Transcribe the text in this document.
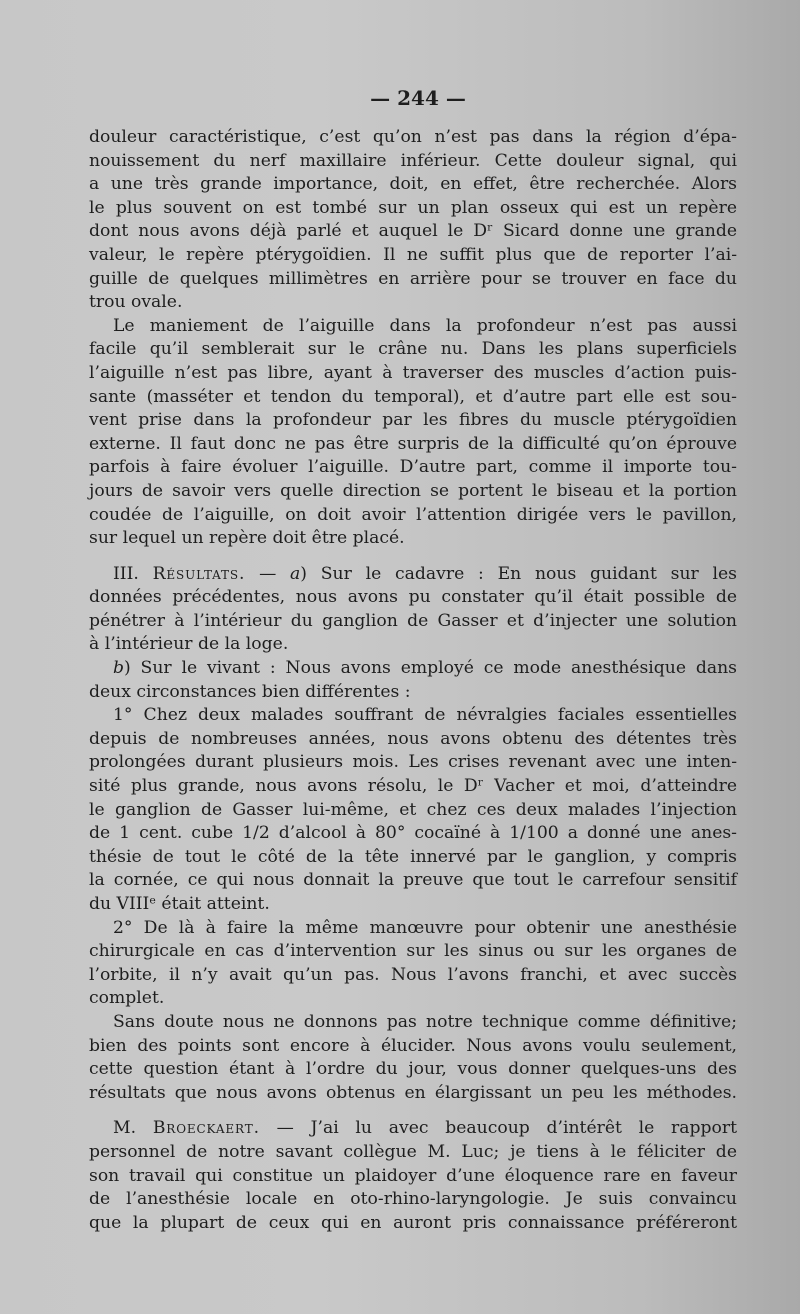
— 244 —
douleur caractéristique, c’est qu’on n’est pas dans la région d’épa-
nouissement du nerf maxillaire inférieur. Cette douleur signal, qui
a une très grande importance, doit, en effet, être recherchée. Alors
le plus souvent on est tombé sur un plan osseux qui est un repère
dont nous avons déjà parlé et auquel le Dʳ Sicard donne une grande
valeur, le repère ptérygoïdien. Il ne suffit plus que de reporter l’ai-
guille de quelques millimètres en arrière pour se trouver en face du
trou ovale.
Le maniement de l’aiguille dans la profondeur n’est pas aussi
facile qu’il semblerait sur le crâne nu. Dans les plans superficiels
l’aiguille n’est pas libre, ayant à traverser des muscles d’action puis-
sante (masséter et tendon du temporal), et d’autre part elle est sou-
vent prise dans la profondeur par les fibres du muscle ptérygoïdien
externe. Il faut donc ne pas être surpris de la difficulté qu’on éprouve
parfois à faire évoluer l’aiguille. D’autre part, comme il importe tou-
jours de savoir vers quelle direction se portent le biseau et la portion
coudée de l’aiguille, on doit avoir l’attention dirigée vers le pavillon,
sur lequel un repère doit être placé.
III. Résultats. — a) Sur le cadavre : En nous guidant sur les
données précédentes, nous avons pu constater qu’il était possible de
pénétrer à l’intérieur du ganglion de Gasser et d’injecter une solution
à l’intérieur de la loge.
b) Sur le vivant : Nous avons employé ce mode anesthésique dans
deux circonstances bien différentes :
1° Chez deux malades souffrant de névralgies faciales essentielles
depuis de nombreuses années, nous avons obtenu des détentes très
prolongées durant plusieurs mois. Les crises revenant avec une inten-
sité plus grande, nous avons résolu, le Dʳ Vacher et moi, d’atteindre
le ganglion de Gasser lui-même, et chez ces deux malades l’injection
de 1 cent. cube 1/2 d’alcool à 80° cocaïné à 1/100 a donné une anes-
thésie de tout le côté de la tête innervé par le ganglion, y compris
la cornée, ce qui nous donnait la preuve que tout le carrefour sensitif
du VIIIᵉ était atteint.
2° De là à faire la même manœuvre pour obtenir une anesthésie
chirurgicale en cas d’intervention sur les sinus ou sur les organes de
l’orbite, il n’y avait qu’un pas. Nous l’avons franchi, et avec succès
complet.
Sans doute nous ne donnons pas notre technique comme définitive;
bien des points sont encore à élucider. Nous avons voulu seulement,
cette question étant à l’ordre du jour, vous donner quelques-uns des
résultats que nous avons obtenus en élargissant un peu les méthodes.
M. Broeckaert. — J’ai lu avec beaucoup d’intérêt le rapport
personnel de notre savant collègue M. Luc; je tiens à le féliciter de
son travail qui constitue un plaidoyer d’une éloquence rare en faveur
de l’anesthésie locale en oto-rhino-laryngologie. Je suis convaincu
que la plupart de ceux qui en auront pris connaissance préféreront
